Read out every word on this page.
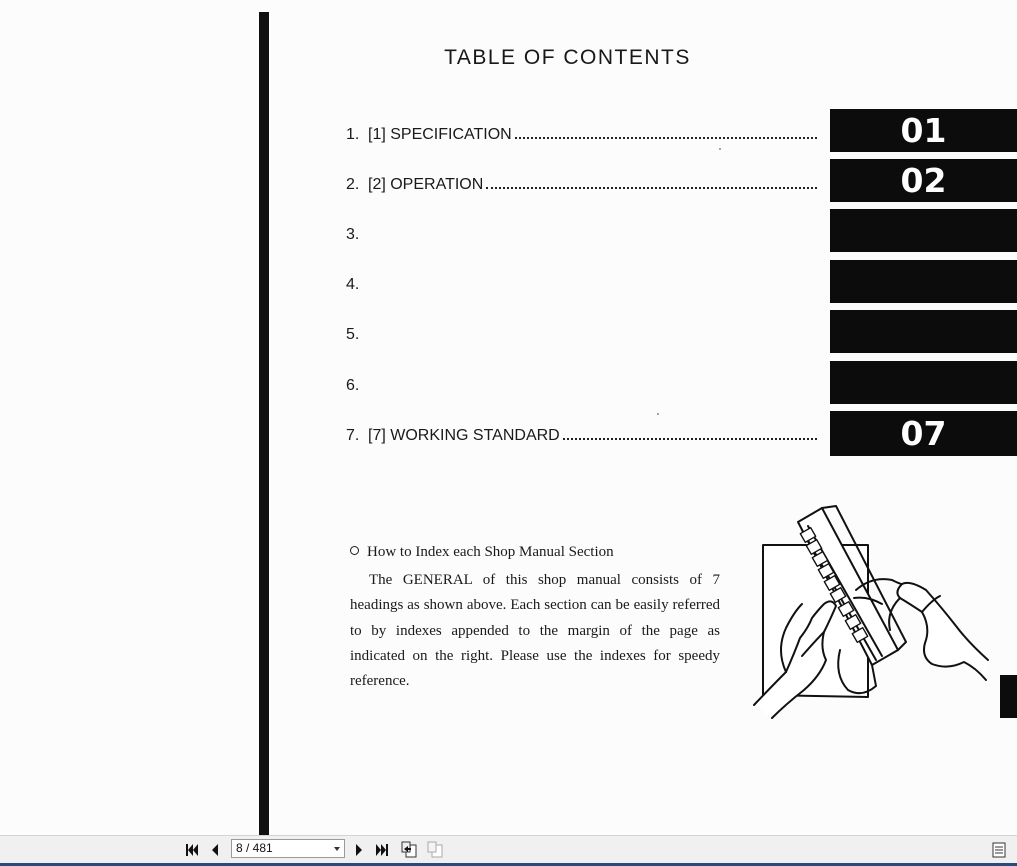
TABLE OF CONTENTS
1. [1] SPECIFICATION
2. [2] OPERATION
3.
4.
5.
6.
7. [7] WORKING STANDARD
01
02
07
How to Index each Shop Manual Section
The GENERAL of this shop manual consists of 7 headings as shown above. Each section can be easily referred to by indexes appended to the margin of the page as indicated on the right. Please use the indexes for speedy reference.
8 / 481
